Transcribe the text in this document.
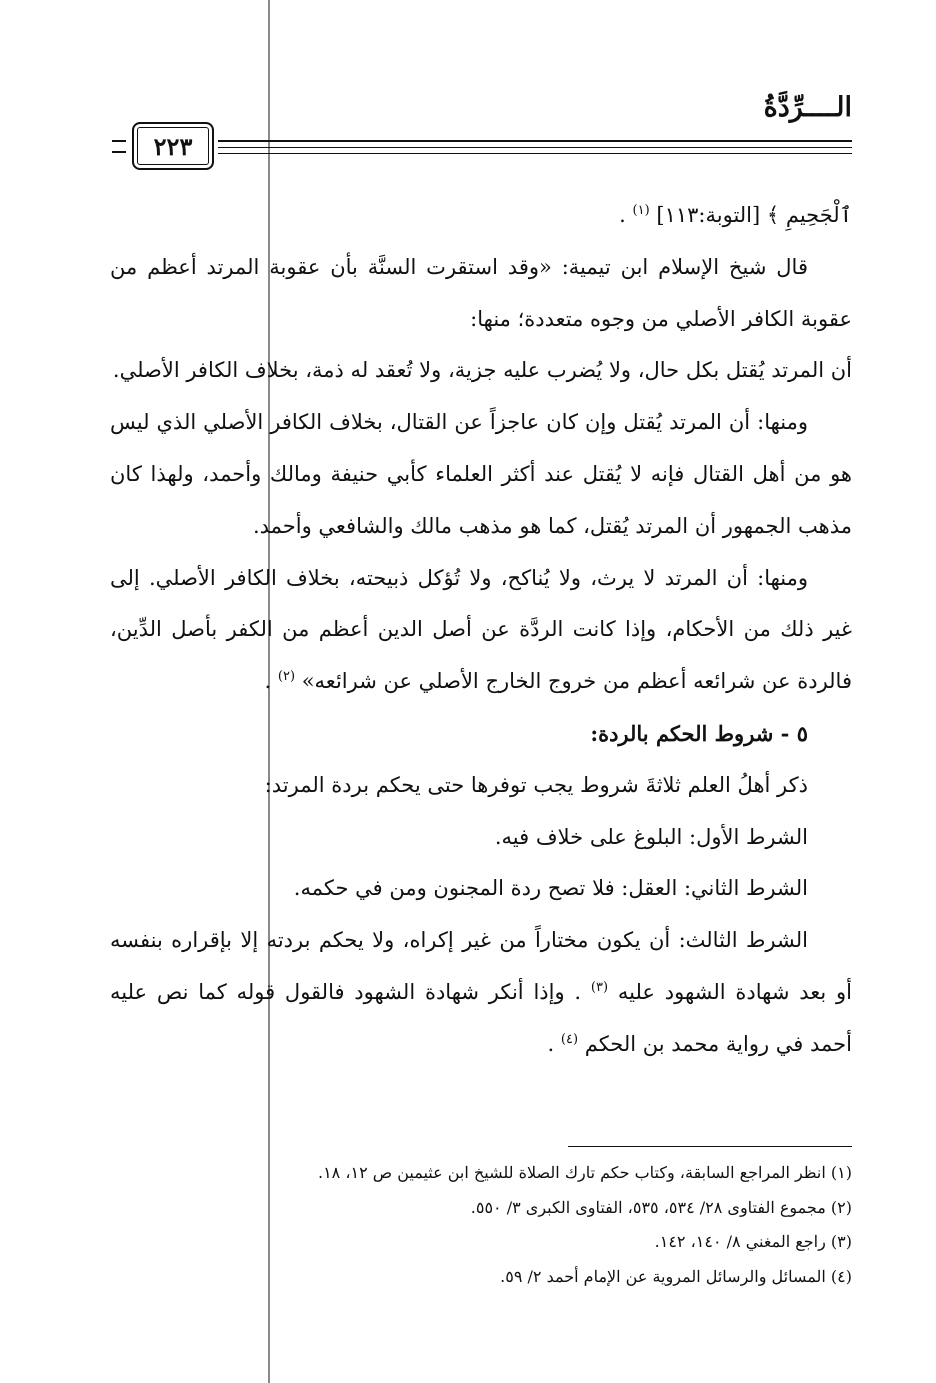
الــــرِّدَّةُ
٢٢٣

ٱلْجَحِيمِ ﴾ [التوبة:١١٣] $^{(١)}$ .

قال شيخ الإسلام ابن تيمية: «وقد استقرت السنَّة بأن عقوبة المرتد أعظم من عقوبة الكافر الأصلي من وجوه متعددة؛ منها:

أن المرتد يُقتل بكل حال، ولا يُضرب عليه جزية، ولا تُعقد له ذمة، بخلاف الكافر الأصلي.

ومنها: أن المرتد يُقتل وإن كان عاجزاً عن القتال، بخلاف الكافر الأصلي الذي ليس هو من أهل القتال فإنه لا يُقتل عند أكثر العلماء كأبي حنيفة ومالك وأحمد، ولهذا كان مذهب الجمهور أن المرتد يُقتل، كما هو مذهب مالك والشافعي وأحمد.

ومنها: أن المرتد لا يرث، ولا يُناكح، ولا تُؤكل ذبيحته، بخلاف الكافر الأصلي. إلى غير ذلك من الأحكام، وإذا كانت الردَّة عن أصل الدين أعظم من الكفر بأصل الدِّين، فالردة عن شرائعه أعظم من خروج الخارج الأصلي عن شرائعه» $^{(٢)}$ .

٥ - شروط الحكم بالردة:

ذكر أهلُ العلم ثلاثةَ شروط يجب توفرها حتى يحكم بردة المرتد:

الشرط الأول: البلوغ على خلاف فيه.

الشرط الثاني: العقل: فلا تصح ردة المجنون ومن في حكمه.

الشرط الثالث: أن يكون مختاراً من غير إكراه، ولا يحكم بردته إلا بإقراره بنفسه أو بعد شهادة الشهود عليه $^{(٣)}$ . وإذا أنكر شهادة الشهود فالقول قوله كما نص عليه أحمد في رواية محمد بن الحكم $^{(٤)}$ .

(١) انظر المراجع السابقة، وكتاب حكم تارك الصلاة للشيخ ابن عثيمين ص ١٢، ١٨.

(٢) مجموع الفتاوى ٢٨/ ٥٣٤، ٥٣٥، الفتاوى الكبرى ٣/ ٥٥٠.

(٣) راجع المغني ٨/ ١٤٠، ١٤٢.

(٤) المسائل والرسائل المروية عن الإمام أحمد ٢/ ٥٩.
